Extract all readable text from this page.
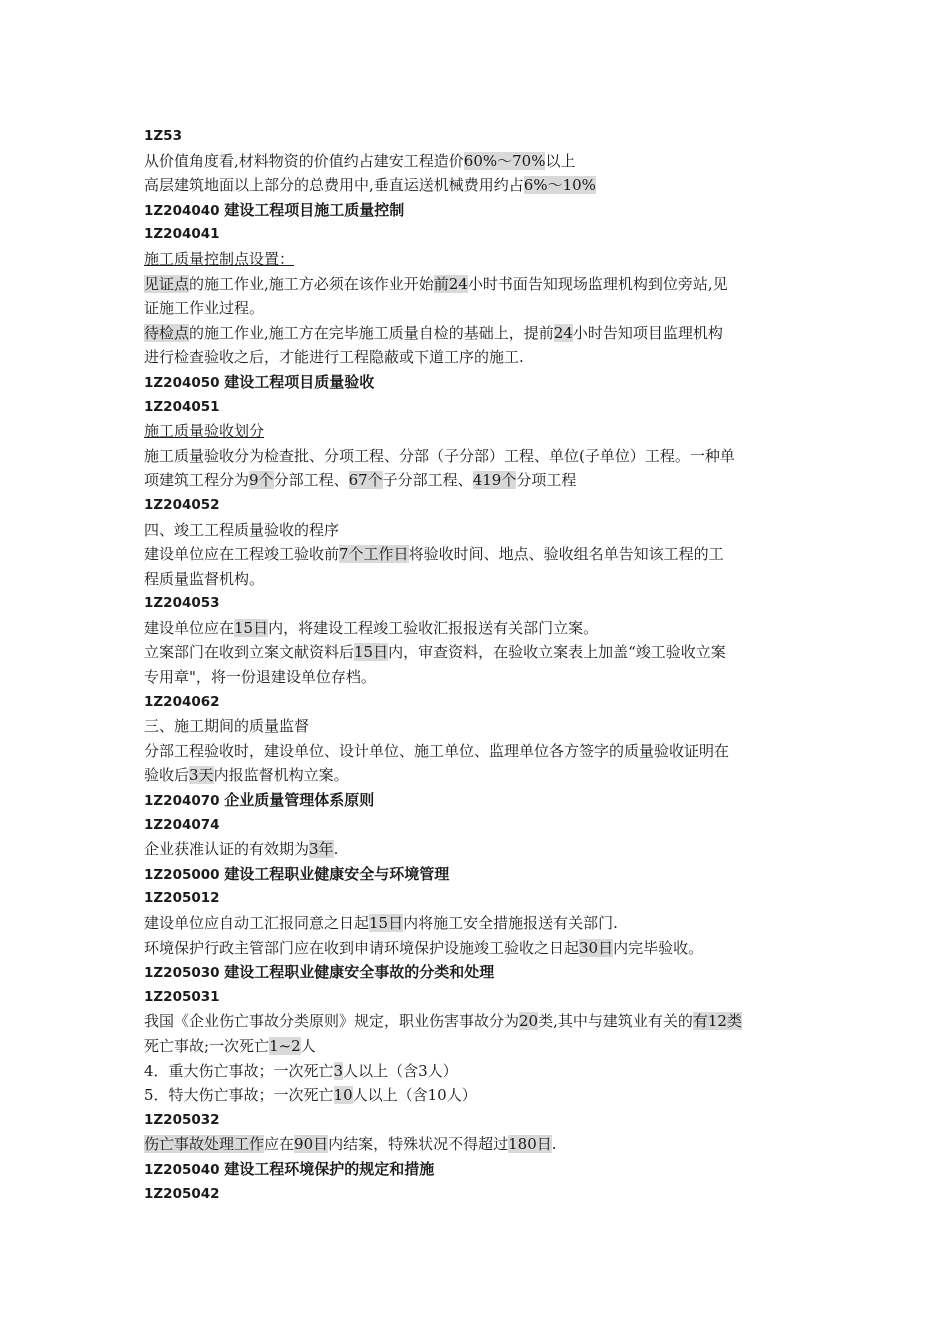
1Z53
从价值角度看,材料物资的价值约占建安工程造价60%～70%以上
高层建筑地面以上部分的总费用中,垂直运送机械费用约占6%～10%
1Z204040 建设工程项目施工质量控制
1Z204041
施工质量控制点设置：
见证点的施工作业,施工方必须在该作业开始前24小时书面告知现场监理机构到位旁站,见
证施工作业过程。
待检点的施工作业,施工方在完毕施工质量自检的基础上，提前24小时告知项目监理机构
进行检查验收之后，才能进行工程隐蔽或下道工序的施工.
1Z204050 建设工程项目质量验收
1Z204051
施工质量验收划分
施工质量验收分为检查批、分项工程、分部（子分部）工程、单位(子单位）工程。一种单
项建筑工程分为9个分部工程、67个子分部工程、419个分项工程
1Z204052
四、竣工工程质量验收的程序
建设单位应在工程竣工验收前7个工作日将验收时间、地点、验收组名单告知该工程的工
程质量监督机构。
1Z204053
建设单位应在15日内，将建设工程竣工验收汇报报送有关部门立案。
立案部门在收到立案文献资料后15日内，审查资料，在验收立案表上加盖“竣工验收立案
专用章"，将一份退建设单位存档。
1Z204062
三、施工期间的质量监督
分部工程验收时，建设单位、设计单位、施工单位、监理单位各方签字的质量验收证明在
验收后3天内报监督机构立案。
1Z204070 企业质量管理体系原则
1Z204074
企业获准认证的有效期为3年.
1Z205000 建设工程职业健康安全与环境管理
1Z205012
建设单位应自动工汇报同意之日起15日内将施工安全措施报送有关部门.
环境保护行政主管部门应在收到申请环境保护设施竣工验收之日起30日内完毕验收。
1Z205030 建设工程职业健康安全事故的分类和处理
1Z205031
我国《企业伤亡事故分类原则》规定，职业伤害事故分为20类,其中与建筑业有关的有12类
死亡事故;一次死亡1~2人
4．重大伤亡事故；一次死亡3人以上（含3人）
5．特大伤亡事故；一次死亡10人以上（含10人）
1Z205032
伤亡事故处理工作应在90日内结案，特殊状况不得超过180日.
1Z205040 建设工程环境保护的规定和措施
1Z205042
